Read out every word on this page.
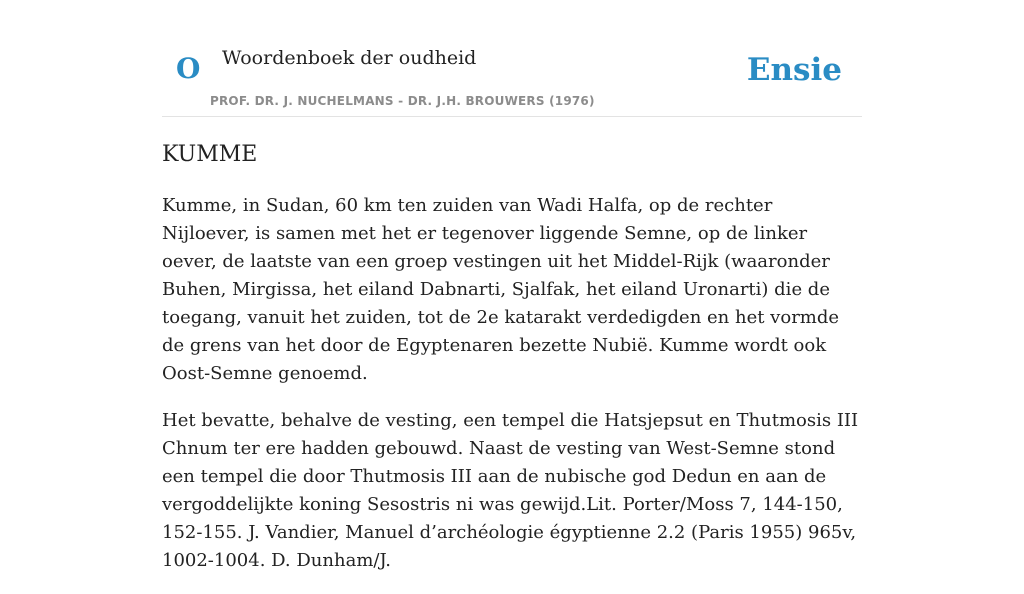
O Woordenboek der oudheid
PROF. DR. J. NUCHELMANS - DR. J.H. BROUWERS (1976)
Ensie
KUMME

Kumme, in Sudan, 60 km ten zuiden van Wadi Halfa, op de rechter Nijloever, is samen met het er tegenover liggende Semne, op de linker oever, de laatste van een groep vestingen uit het Middel-Rijk (waaronder Buhen, Mirgissa, het eiland Dabnarti, Sjalfak, het eiland Uronarti) die de toegang, vanuit het zuiden, tot de 2e katarakt verdedigden en het vormde de grens van het door de Egyptenaren bezette Nubië. Kumme wordt ook Oost-Semne genoemd.

Het bevatte, behalve de vesting, een tempel die Hatsjepsut en Thutmosis III Chnum ter ere hadden gebouwd. Naast de vesting van West-Semne stond een tempel die door Thutmosis III aan de nubische god Dedun en aan de vergoddelijkte koning Sesostris ni was gewijd.Lit. Porter/Moss 7, 144-150, 152-155. J. Vandier, Manuel d’archéologie égyptienne 2.2 (Paris 1955) 965v, 1002-1004. D. Dunham/J.
